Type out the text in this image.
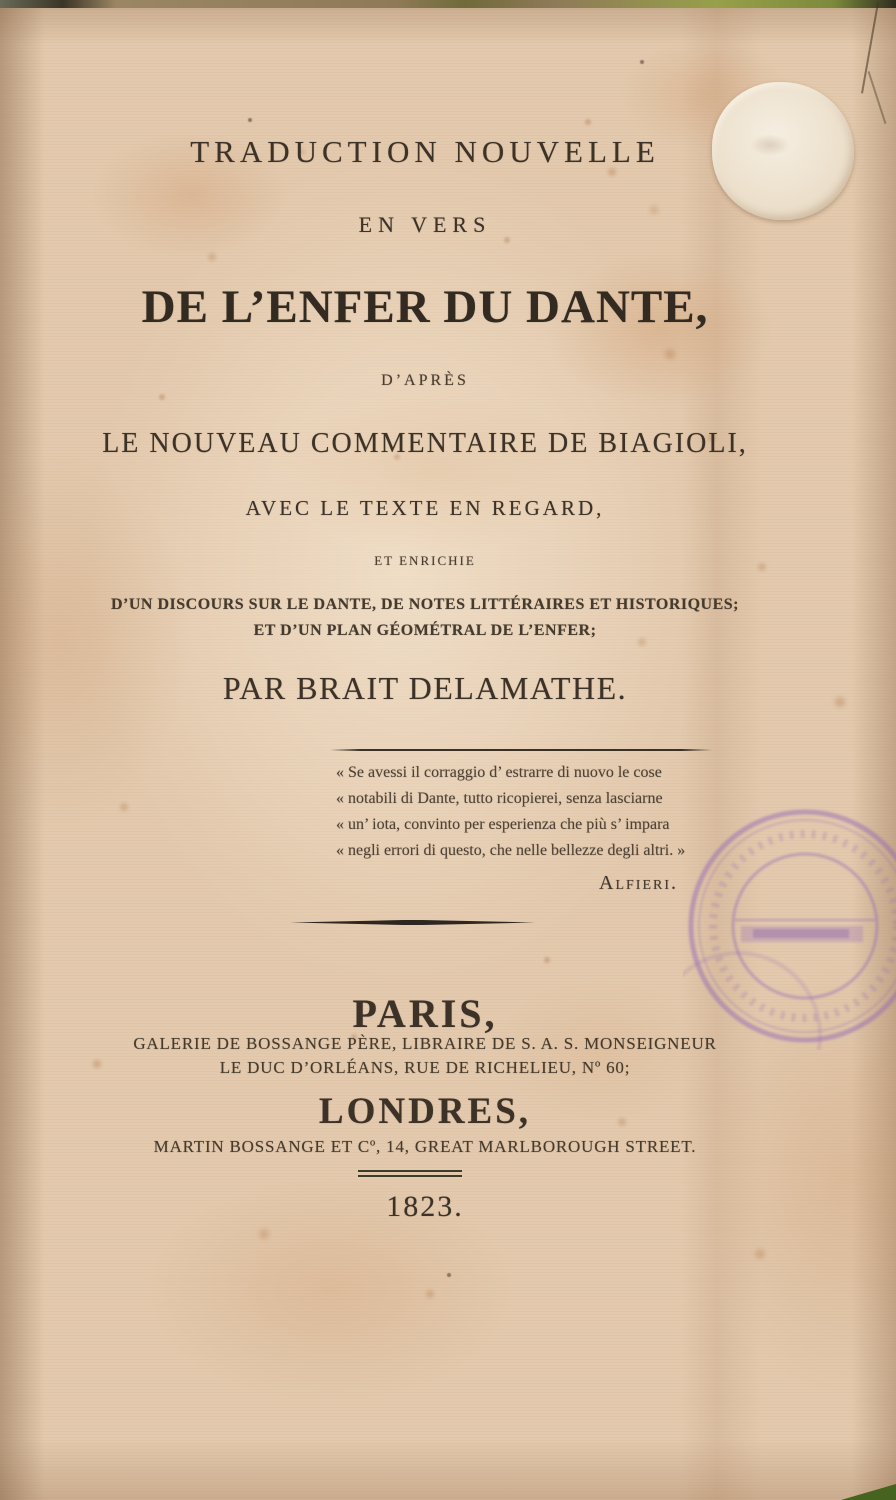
TRADUCTION NOUVELLE
EN VERS
DE L’ENFER DU DANTE,
D’APRÈS
LE NOUVEAU COMMENTAIRE DE BIAGIOLI,
AVEC LE TEXTE EN REGARD,
ET ENRICHIE
D’UN DISCOURS SUR LE DANTE, DE NOTES LITTÉRAIRES ET HISTORIQUES;
ET D’UN PLAN GÉOMÉTRAL DE L’ENFER;
PAR BRAIT DELAMATHE.
« Se avessi il corraggio d’ estrarre di nuovo le cose
« notabili di Dante, tutto ricopierei, senza lasciarne
« un’ iota, convinto per esperienza che più s’ impara
« negli errori di questo, che nelle bellezze degli altri. »
Alfieri.
PARIS,
GALERIE DE BOSSANGE PÈRE, LIBRAIRE DE S. A. S. MONSEIGNEUR
LE DUC D’ORLÉANS, RUE DE RICHELIEU, Nº 60;
LONDRES,
MARTIN BOSSANGE ET Cº, 14, GREAT MARLBOROUGH STREET.
1823.
